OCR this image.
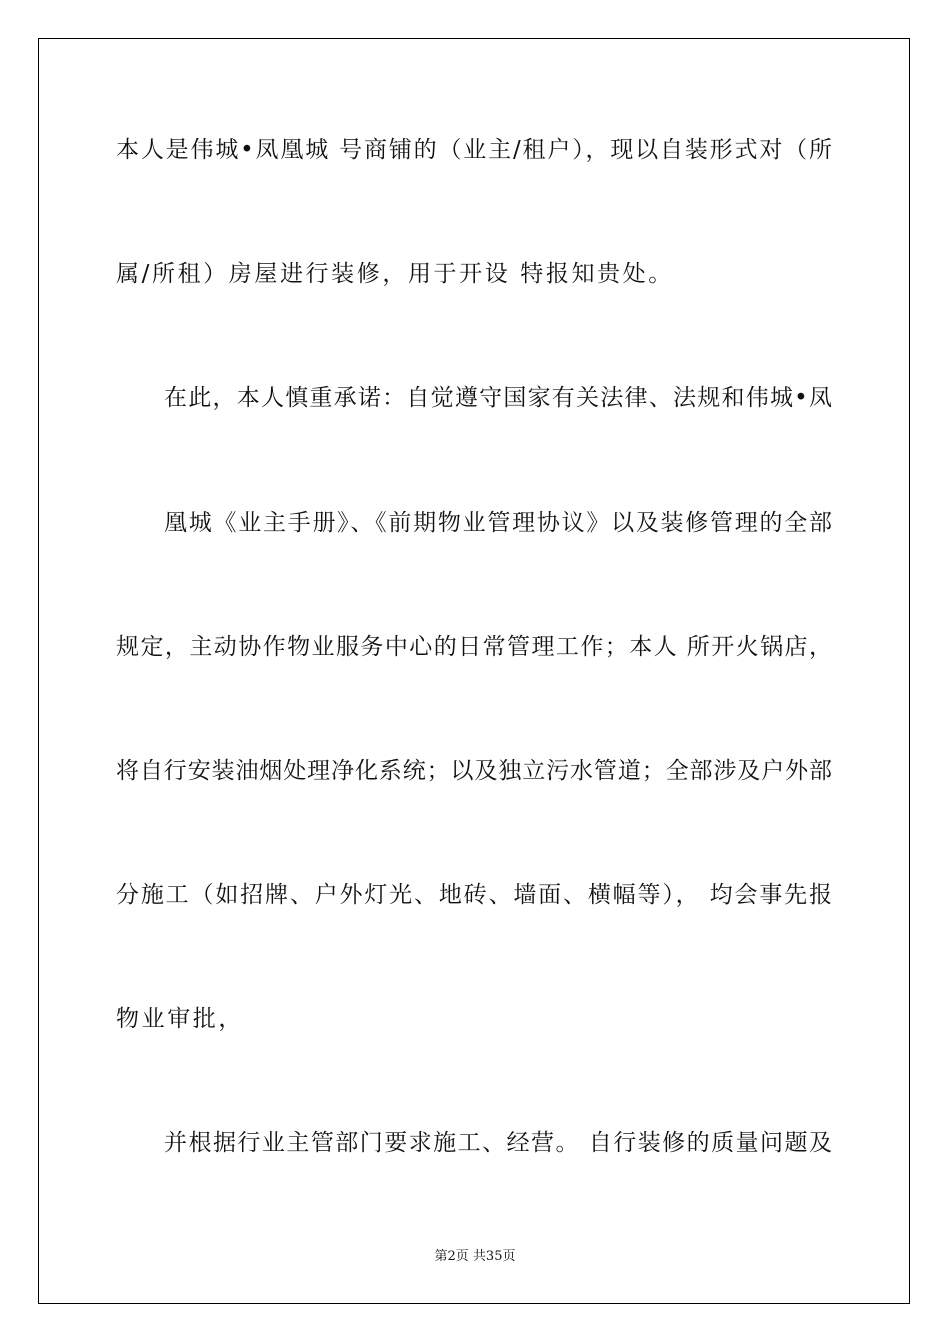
本人是伟城•凤凰城 号商铺的（业主/租户），现以自装形式对（所

属/所租）房屋进行装修，用于开设 特报知贵处。

在此，本人慎重承诺：自觉遵守国家有关法律、法规和伟城•凤

凰城《业主手册》、《前期物业管理协议》以及装修管理的全部

规定，主动协作物业服务中心的日常管理工作；本人 所开火锅店，

将自行安装油烟处理净化系统；以及独立污水管道；全部涉及户外部

分施工（如招牌、户外灯光、地砖、墙面、横幅等）， 均会事先报

物业审批，

并根据行业主管部门要求施工、经营。 自行装修的质量问题及

第2页 共35页
